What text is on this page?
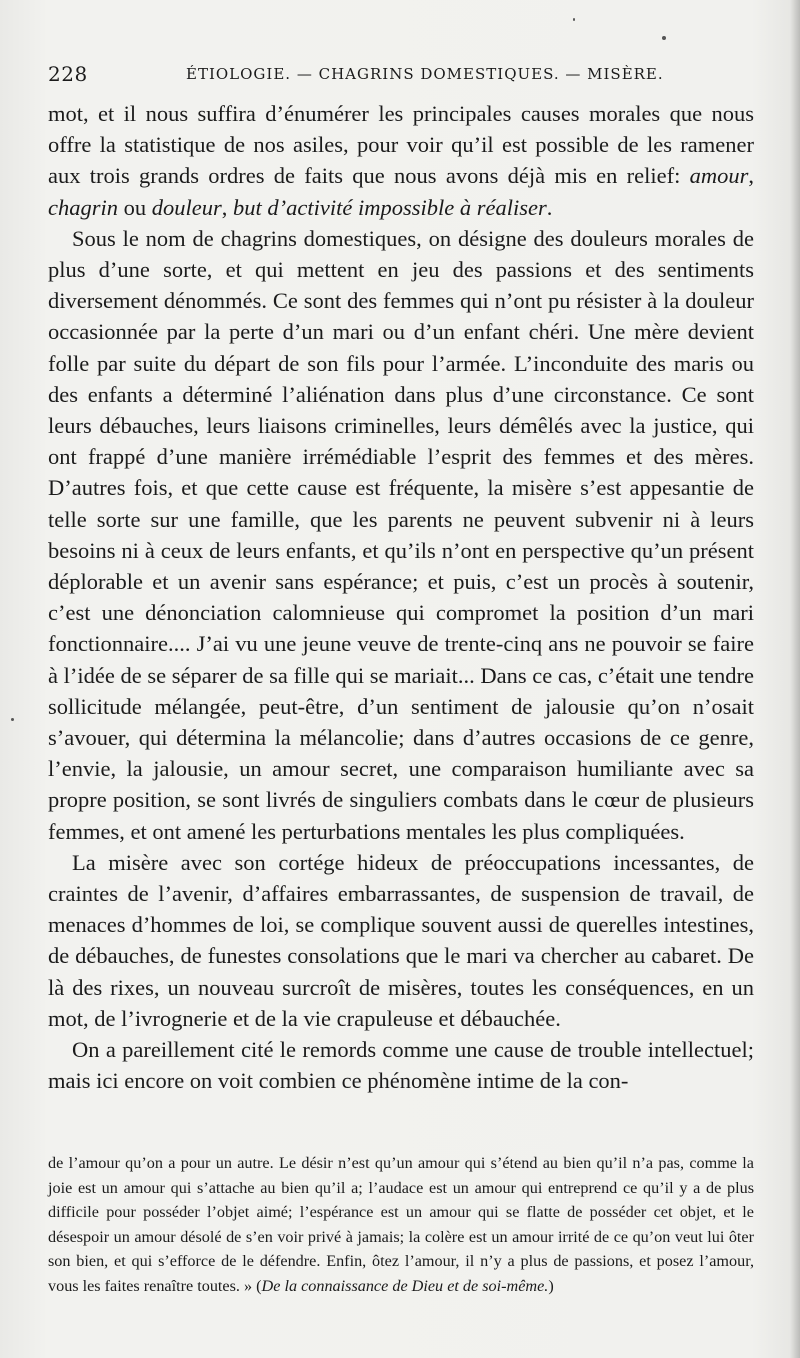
228	ÉTIOLOGIE. — CHAGRINS DOMESTIQUES. — MISÈRE.

mot, et il nous suffira d’énumérer les principales causes morales que nous offre la statistique de nos asiles, pour voir qu’il est possible de les ramener aux trois grands ordres de faits que nous avons déjà mis en relief: amour, chagrin ou douleur, but d’activité impossible à réaliser.

Sous le nom de chagrins domestiques, on désigne des douleurs morales de plus d’une sorte, et qui mettent en jeu des passions et des sentiments diversement dénommés. Ce sont des femmes qui n’ont pu résister à la douleur occasionnée par la perte d’un mari ou d’un enfant chéri. Une mère devient folle par suite du départ de son fils pour l’armée. L’inconduite des maris ou des enfants a déterminé l’aliénation dans plus d’une circonstance. Ce sont leurs débauches, leurs liaisons criminelles, leurs démêlés avec la justice, qui ont frappé d’une manière irrémédiable l’esprit des femmes et des mères. D’autres fois, et que cette cause est fréquente, la misère s’est appesantie de telle sorte sur une famille, que les parents ne peuvent subvenir ni à leurs besoins ni à ceux de leurs enfants, et qu’ils n’ont en perspective qu’un présent déplorable et un avenir sans espérance; et puis, c’est un procès à soutenir, c’est une dénonciation calomnieuse qui compromet la position d’un mari fonctionnaire.... J’ai vu une jeune veuve de trente-cinq ans ne pouvoir se faire à l’idée de se séparer de sa fille qui se mariait... Dans ce cas, c’était une tendre sollicitude mélangée, peut-être, d’un sentiment de jalousie qu’on n’osait s’avouer, qui détermina la mélancolie; dans d’autres occasions de ce genre, l’envie, la jalousie, un amour secret, une comparaison humiliante avec sa propre position, se sont livrés de singuliers combats dans le cœur de plusieurs femmes, et ont amené les perturbations mentales les plus compliquées.

La misère avec son cortége hideux de préoccupations incessantes, de craintes de l’avenir, d’affaires embarrassantes, de suspension de travail, de menaces d’hommes de loi, se complique souvent aussi de querelles intestines, de débauches, de funestes consolations que le mari va chercher au cabaret. De là des rixes, un nouveau surcroît de misères, toutes les conséquences, en un mot, de l’ivrognerie et de la vie crapuleuse et débauchée.

On a pareillement cité le remords comme une cause de trouble intellectuel; mais ici encore on voit combien ce phénomène intime de la con-

de l’amour qu’on a pour un autre. Le désir n’est qu’un amour qui s’étend au bien qu’il n’a pas, comme la joie est un amour qui s’attache au bien qu’il a; l’audace est un amour qui entreprend ce qu’il y a de plus difficile pour posséder l’objet aimé; l’espérance est un amour qui se flatte de posséder cet objet, et le désespoir un amour désolé de s’en voir privé à jamais; la colère est un amour irrité de ce qu’on veut lui ôter son bien, et qui s’efforce de le défendre. Enfin, ôtez l’amour, il n’y a plus de passions, et posez l’amour, vous les faites renaître toutes. » (De la connaissance de Dieu et de soi-même.)
